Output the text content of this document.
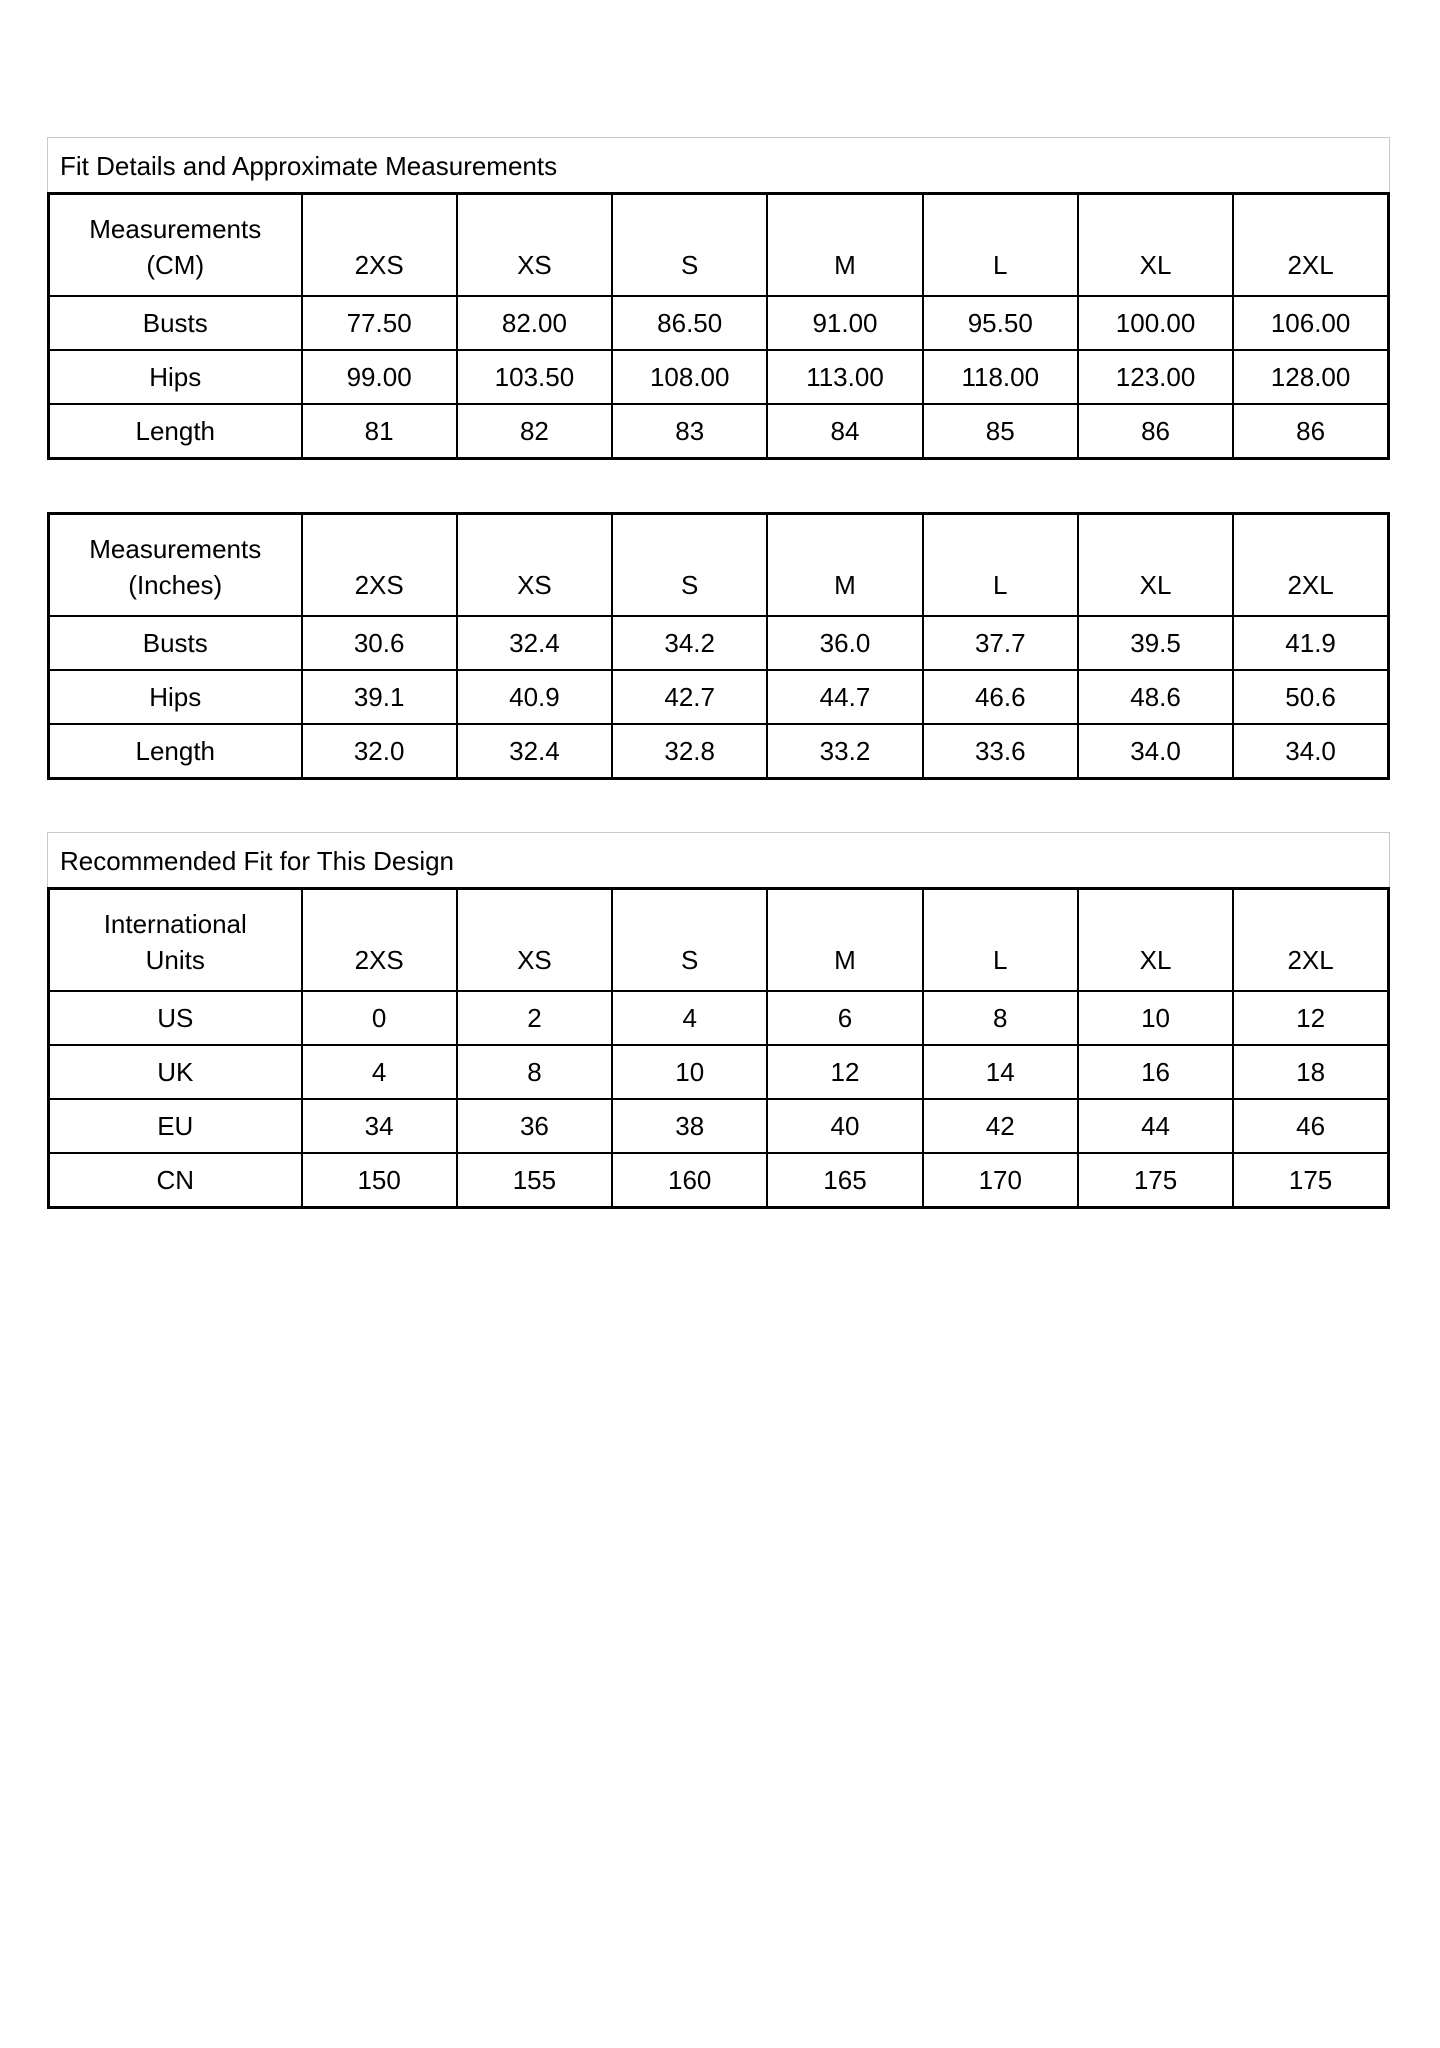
Fit Details and Approximate Measurements
Measurements
(CM)	2XS	XS	S	M	L	XL	2XL
Busts	77.50	82.00	86.50	91.00	95.50	100.00	106.00
Hips	99.00	103.50	108.00	113.00	118.00	123.00	128.00
Length	81	82	83	84	85	86	86
Measurements
(Inches)	2XS	XS	S	M	L	XL	2XL
Busts	30.6	32.4	34.2	36.0	37.7	39.5	41.9
Hips	39.1	40.9	42.7	44.7	46.6	48.6	50.6
Length	32.0	32.4	32.8	33.2	33.6	34.0	34.0
Recommended Fit for This Design
International
Units	2XS	XS	S	M	L	XL	2XL
US	0	2	4	6	8	10	12
UK	4	8	10	12	14	16	18
EU	34	36	38	40	42	44	46
CN	150	155	160	165	170	175	175
